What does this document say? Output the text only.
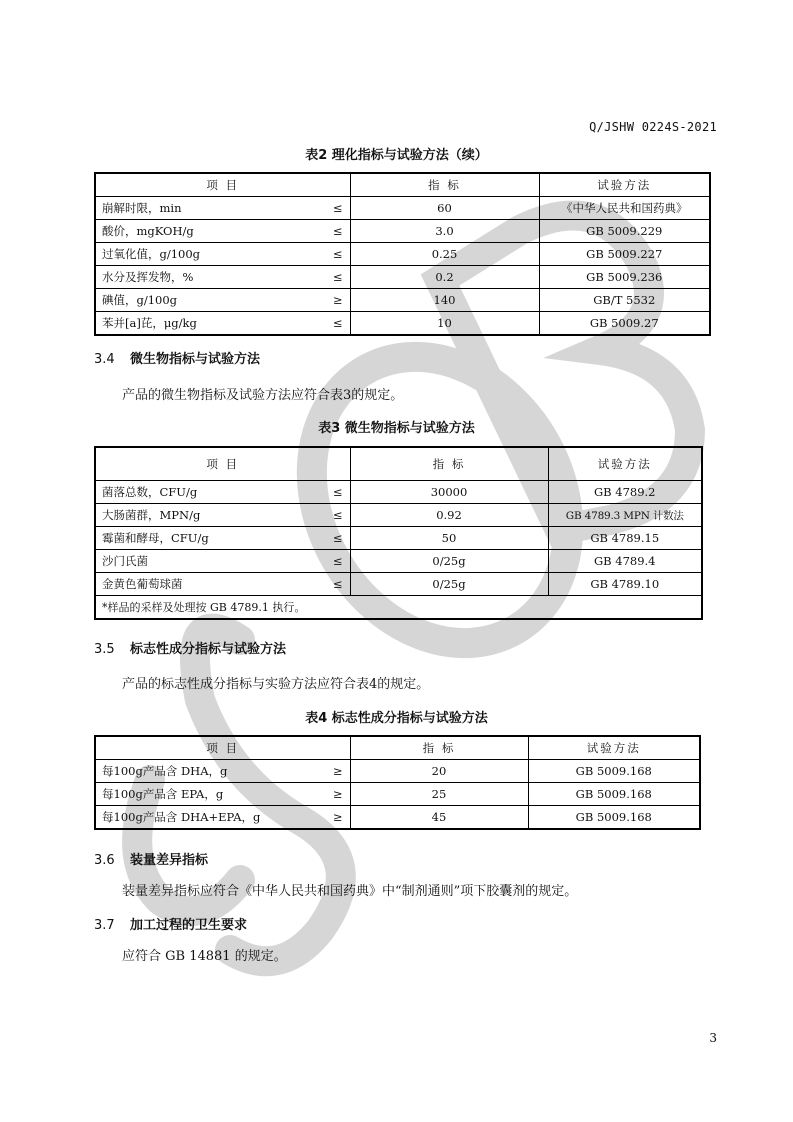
Q/JSHW 0224S-2021
表2 理化指标与试验方法（续）
项 目		指 标	试验方法
崩解时限，min	≤	60	《中华人民共和国药典》
酸价，mgKOH/g	≤	3.0	GB 5009.229
过氧化值，g/100g	≤	0.25	GB 5009.227
水分及挥发物，%	≤	0.2	GB 5009.236
碘值，g/100g	≥	140	GB/T 5532
苯并[a]芘，μg/kg	≤	10	GB 5009.27
3.4 微生物指标与试验方法
产品的微生物指标及试验方法应符合表3的规定。
表3 微生物指标与试验方法
项 目		指 标	试验方法
菌落总数，CFU/g	≤	30000	GB 4789.2
大肠菌群，MPN/g	≤	0.92	GB 4789.3 MPN 计数法
霉菌和酵母，CFU/g	≤	50	GB 4789.15
沙门氏菌	≤	0/25g	GB 4789.4
金黄色葡萄球菌	≤	0/25g	GB 4789.10
*样品的采样及处理按 GB 4789.1 执行。			
3.5 标志性成分指标与试验方法
产品的标志性成分指标与实验方法应符合表4的规定。
表4 标志性成分指标与试验方法
项 目		指 标	试验方法
每100g产品含 DHA，g	≥	20	GB 5009.168
每100g产品含 EPA，g	≥	25	GB 5009.168
每100g产品含 DHA+EPA，g	≥	45	GB 5009.168
3.6 装量差异指标
装量差异指标应符合《中华人民共和国药典》中“制剂通则”项下胶囊剂的规定。
3.7 加工过程的卫生要求
应符合 GB 14881 的规定。
3
